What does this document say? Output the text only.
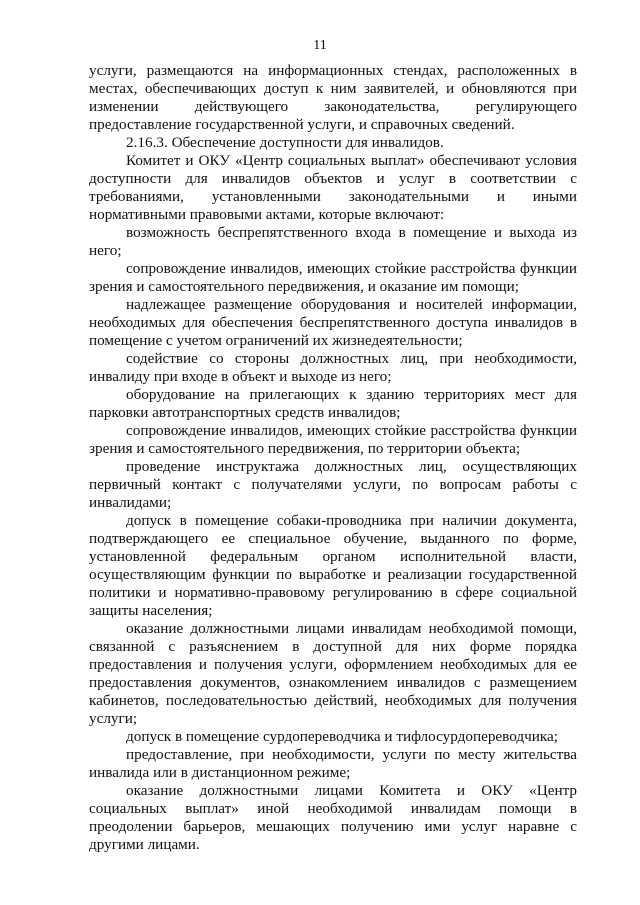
11

услуги, размещаются на информационных стендах, расположенных в местах, обеспечивающих доступ к ним заявителей, и обновляются при изменении действующего законодательства, регулирующего предоставление государственной услуги, и справочных сведений.

2.16.3. Обеспечение доступности для инвалидов.

Комитет и ОКУ «Центр социальных выплат» обеспечивают условия доступности для инвалидов объектов и услуг в соответствии с требованиями, установленными законодательными и иными нормативными правовыми актами, которые включают:

возможность беспрепятственного входа в помещение и выхода из него;

сопровождение инвалидов, имеющих стойкие расстройства функции зрения и самостоятельного передвижения, и оказание им помощи;

надлежащее размещение оборудования и носителей информации, необходимых для обеспечения беспрепятственного доступа инвалидов в помещение с учетом ограничений их жизнедеятельности;

содействие со стороны должностных лиц, при необходимости, инвалиду при входе в объект и выходе из него;

оборудование на прилегающих к зданию территориях мест для парковки автотранспортных средств инвалидов;

сопровождение инвалидов, имеющих стойкие расстройства функции зрения и самостоятельного передвижения, по территории объекта;

проведение инструктажа должностных лиц, осуществляющих первичный контакт с получателями услуги, по вопросам работы с инвалидами;

допуск в помещение собаки-проводника при наличии документа, подтверждающего ее специальное обучение, выданного по форме, установленной федеральным органом исполнительной власти, осуществляющим функции по выработке и реализации государственной политики и нормативно-правовому регулированию в сфере социальной защиты населения;

оказание должностными лицами инвалидам необходимой помощи, связанной с разъяснением в доступной для них форме порядка предоставления и получения услуги, оформлением необходимых для ее предоставления документов, ознакомлением инвалидов с размещением кабинетов, последовательностью действий, необходимых для получения услуги;

допуск в помещение сурдопереводчика и тифлосурдопереводчика;

предоставление, при необходимости, услуги по месту жительства инвалида или в дистанционном режиме;

оказание должностными лицами Комитета и ОКУ «Центр социальных выплат» иной необходимой инвалидам помощи в преодолении барьеров, мешающих получению ими услуг наравне с другими лицами.
